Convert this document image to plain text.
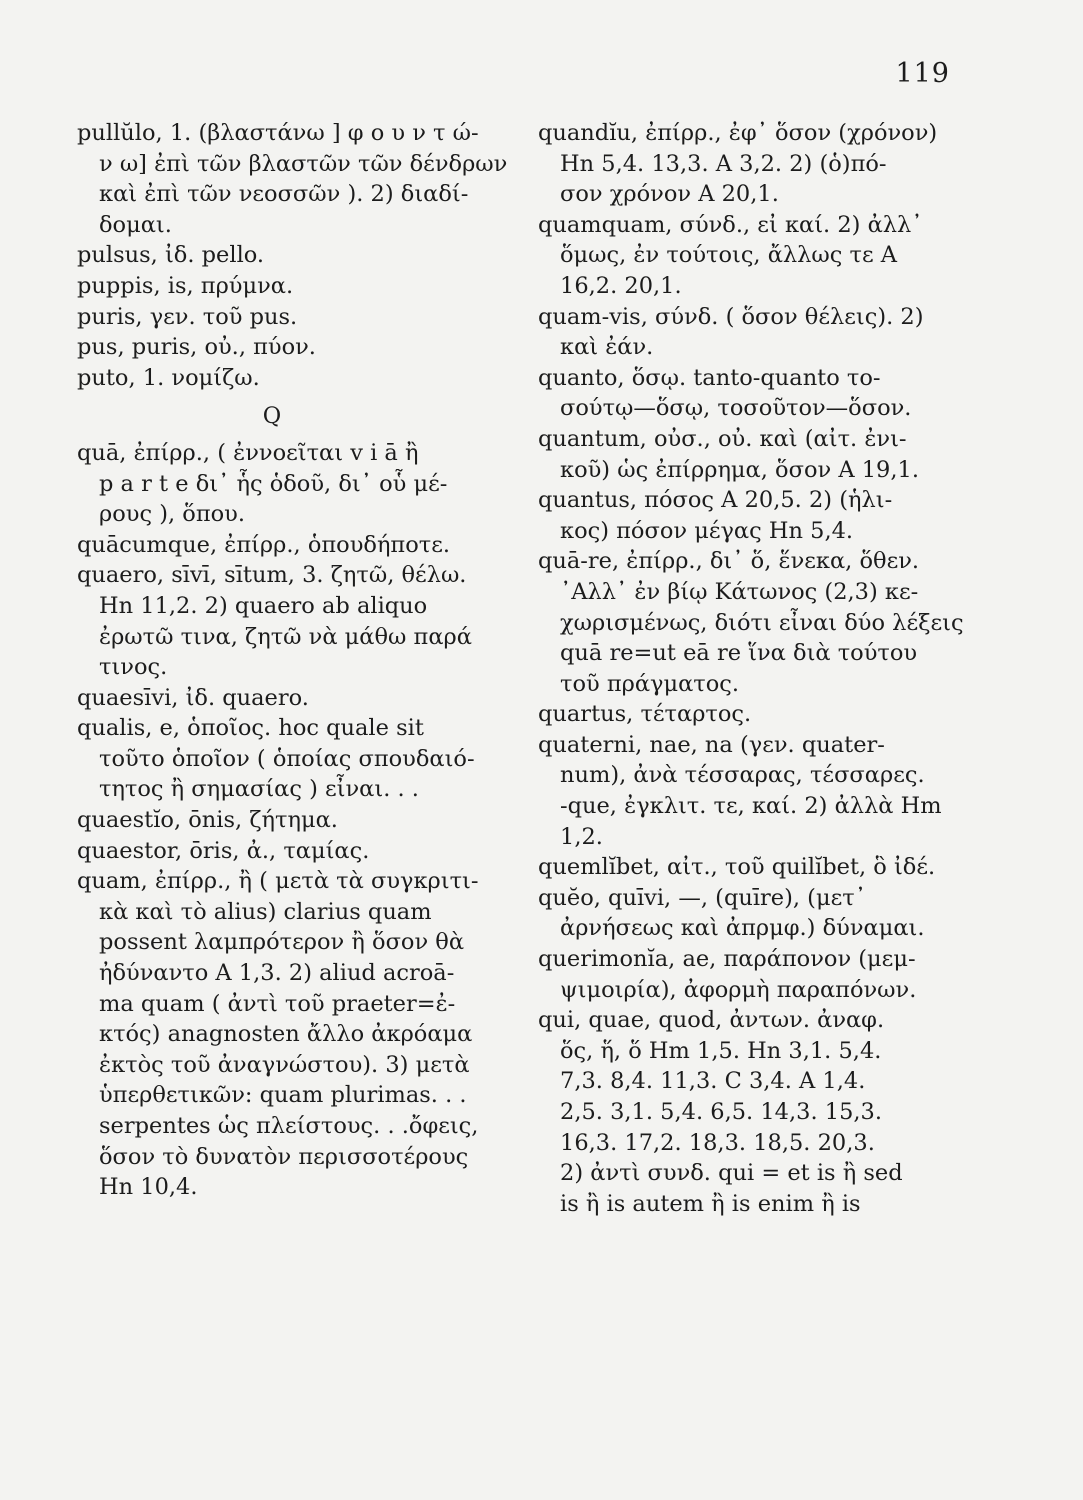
119
pullŭlo, 1. (βλαστάνω ] φ ο υ ν τ ώ-
ν ω] ἐπὶ τῶν βλαστῶν τῶν δένδρων
καὶ ἐπὶ τῶν νεοσσῶν ). 2) διαδί-
δομαι.
pulsus, ἰδ. pello.
puppis, is, πρύμνα.
puris, γεν. τοῦ pus.
pus, puris, οὐ., πύον.
puto, 1. νομίζω.
Q
quā, ἐπίρρ., ( ἐννοεῖται v i ā ἢ
p a r t e δι᾽ ἧς ὁδοῦ, δι᾽ οὗ μέ-
ρους ), ὅπου.
quācumque, ἐπίρρ., ὁπουδήποτε.
quaero, sīvī, sītum, 3. ζητῶ, θέλω.
Hn 11,2. 2) quaero ab aliquo
ἐρωτῶ τινα, ζητῶ νὰ μάθω παρά
τινος.
quaesīvi, ἰδ. quaero.
qualis, e, ὁποῖος. hoc quale sit
τοῦτο ὁποῖον ( ὁποίας σπουδαιό-
τητος ἢ σημασίας ) εἶναι. . .
quaestĭo, ōnis, ζήτημα.
quaestor, ōris, ἀ., ταμίας.
quam, ἐπίρρ., ἢ ( μετὰ τὰ συγκριτι-
κὰ καὶ τὸ alius) clarius quam
possent λαμπρότερον ἢ ὅσον θὰ
ἠδύναντο A 1,3. 2) aliud acroā-
ma quam ( ἀντὶ τοῦ praeter=ἐ-
κτός) anagnosten ἄλλο ἀκρόαμα
ἐκτὸς τοῦ ἀναγνώστου). 3) μετὰ
ὑπερθετικῶν: quam plurimas. . .
serpentes ὡς πλείστους. . .ὄφεις,
ὅσον τὸ δυνατὸν περισσοτέρους
Hn 10,4.
quandĭu, ἐπίρρ., ἐφ᾽ ὅσον (χρόνον)
Hn 5,4. 13,3. A 3,2. 2) (ὁ)πό-
σον χρόνον A 20,1.
quamquam, σύνδ., εἰ καί. 2) ἀλλ᾽
ὅμως, ἐν τούτοις, ἄλλως τε A
16,2. 20,1.
quam-vis, σύνδ. ( ὅσον θέλεις). 2)
καὶ ἐάν.
quanto, ὅσῳ. tanto-quanto το-
σούτῳ—ὅσῳ, τοσοῦτον—ὅσον.
quantum, οὐσ., οὐ. καὶ (αἰτ. ἐνι-
κοῦ) ὡς ἐπίρρημα, ὅσον A 19,1.
quantus, πόσος A 20,5. 2) (ἡλι-
κος) πόσον μέγας Hn 5,4.
quā-re, ἐπίρρ., δι᾽ ὅ, ἕνεκα, ὅθεν.
᾽Αλλ᾽ ἐν βίῳ Κάτωνος (2,3) κε-
χωρισμένως, διότι εἶναι δύο λέξεις
quā re=ut eā re ἵνα διὰ τούτου
τοῦ πράγματος.
quartus, τέταρτος.
quaterni, nae, na (γεν. quater-
num), ἀνὰ τέσσαρας, τέσσαρες.
-que, ἐγκλιτ. τε, καί. 2) ἀλλὰ Hm
1,2.
quemlĭbet, αἰτ., τοῦ quilĭbet, ὃ ἰδέ.
quĕo, quīvi, —, (quīre), (μετ᾽
ἀρνήσεως καὶ ἀπρμφ.) δύναμαι.
querimonĭa, ae, παράπονον (μεμ-
ψιμοιρία), ἀφορμὴ παραπόνων.
qui, quae, quod, ἀντων. ἀναφ.
ὅς, ἥ, ὅ Hm 1,5. Hn 3,1. 5,4.
7,3. 8,4. 11,3. C 3,4. A 1,4.
2,5. 3,1. 5,4. 6,5. 14,3. 15,3.
16,3. 17,2. 18,3. 18,5. 20,3.
2) ἀντὶ συνδ. qui = et is ἢ sed
is ἢ is autem ἢ is enim ἢ is
